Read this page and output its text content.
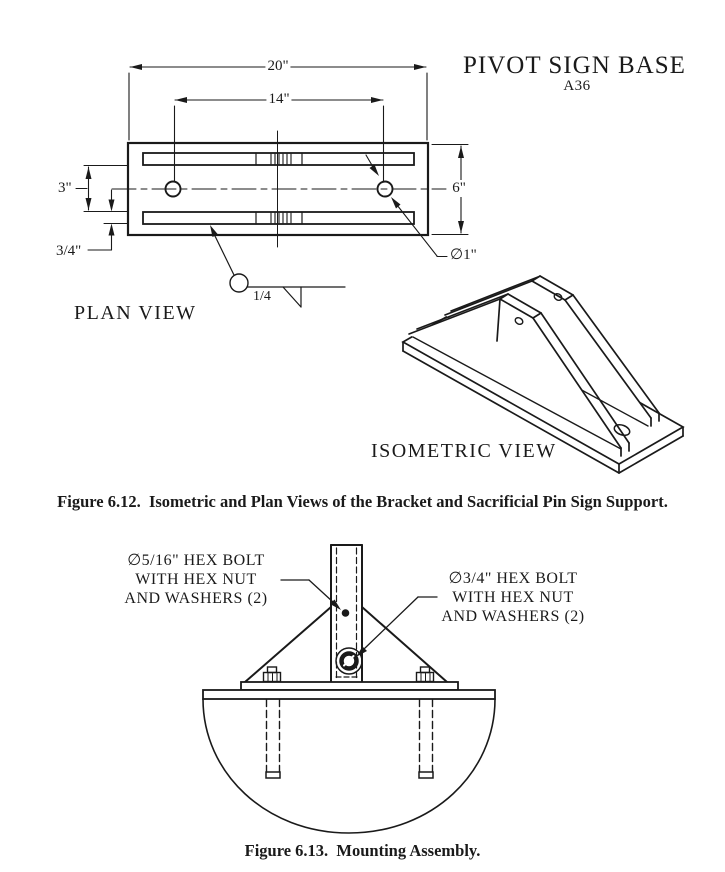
PIVOT SIGN BASE
A36
20"
14"
3"
3/4"
6"
∅1"
1/4
PLAN VIEW
ISOMETRIC VIEW
Figure 6.12.  Isometric and Plan Views of the Bracket and Sacrificial Pin Sign Support.
∅5/16" HEX BOLT
WITH HEX NUT
AND WASHERS (2)
∅3/4" HEX BOLT
WITH HEX NUT
AND WASHERS (2)
Figure 6.13.  Mounting Assembly.
